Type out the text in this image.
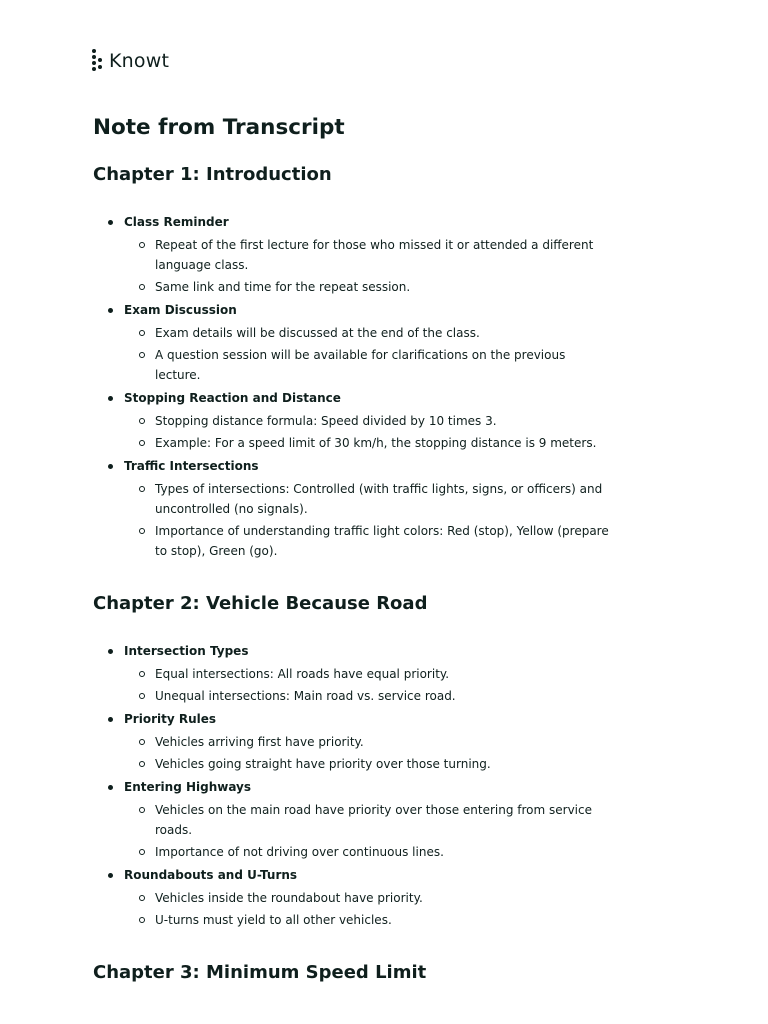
Knowt
Note from Transcript
Chapter 1: Introduction
Class Reminder
Repeat of the first lecture for those who missed it or attended a different language class.
Same link and time for the repeat session.
Exam Discussion
Exam details will be discussed at the end of the class.
A question session will be available for clarifications on the previous lecture.
Stopping Reaction and Distance
Stopping distance formula: Speed divided by 10 times 3.
Example: For a speed limit of 30 km/h, the stopping distance is 9 meters.
Traffic Intersections
Types of intersections: Controlled (with traffic lights, signs, or officers) and uncontrolled (no signals).
Importance of understanding traffic light colors: Red (stop), Yellow (prepare to stop), Green (go).
Chapter 2: Vehicle Because Road
Intersection Types
Equal intersections: All roads have equal priority.
Unequal intersections: Main road vs. service road.
Priority Rules
Vehicles arriving first have priority.
Vehicles going straight have priority over those turning.
Entering Highways
Vehicles on the main road have priority over those entering from service roads.
Importance of not driving over continuous lines.
Roundabouts and U-Turns
Vehicles inside the roundabout have priority.
U-turns must yield to all other vehicles.
Chapter 3: Minimum Speed Limit
